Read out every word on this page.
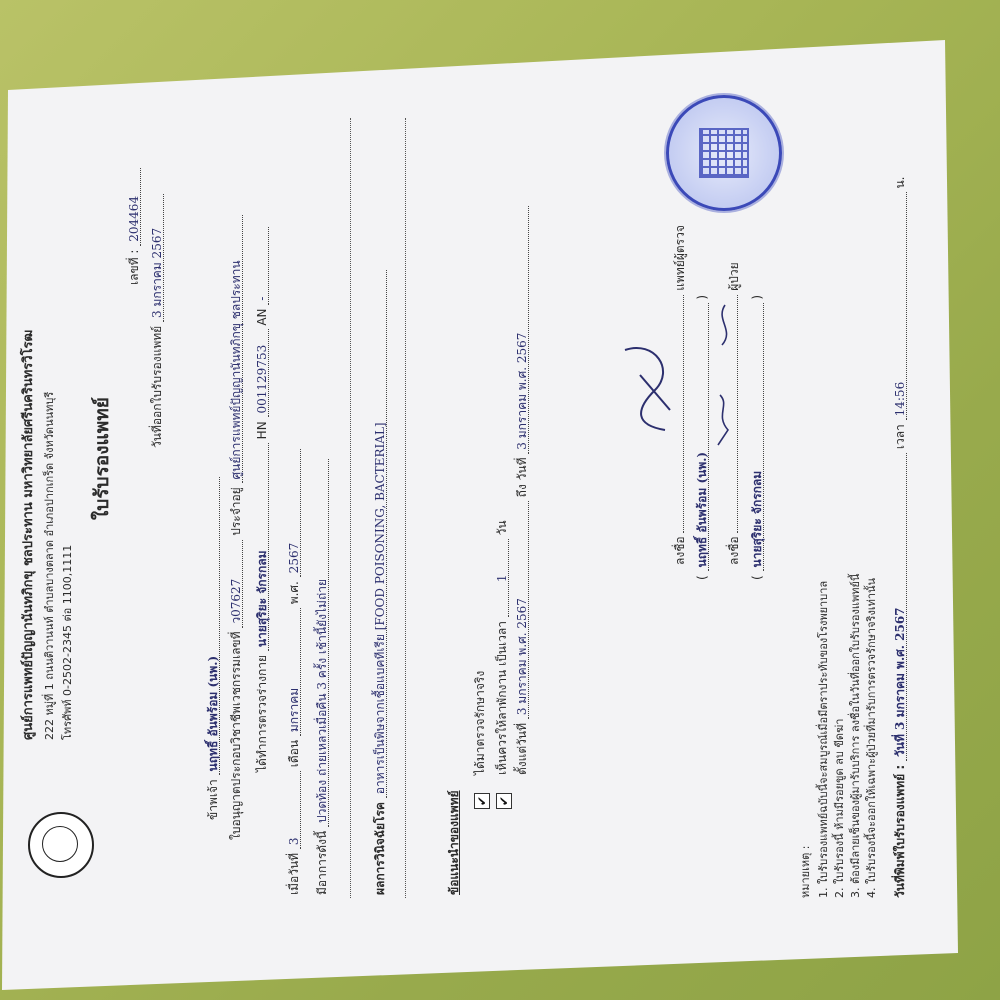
ศูนย์การแพทย์ปัญญานันทภิกขุ ชลประทาน มหาวิทยาลัยศรีนครินทรวิโรฒ 222 หมู่ที่ 1 ถนนติวานนท์ ตำบลบางตลาด อำเภอปากเกร็ด จังหวัดนนทบุรี โทรศัพท์ 0-2502-2345 ต่อ 1100,1111
ใบรับรองแพทย์
เลขที่ : 204464
วันที่ออกใบรับรองแพทย์ 3 มกราคม 2567
ข้าพเจ้า นฤทธิ์ อันพร้อม (นพ.) ใบอนุญาตประกอบวิชาชีพเวชกรรมเลขที่ ว07627 ประจำอยู่ ศูนย์การแพทย์ปัญญานันทภิกขุ ชลประทาน
ได้ทำการตรวจร่างกาย นายสุริยะ จักรกลม HN 001129753 AN -
เมื่อวันที่ 3 เดือน มกราคม พ.ศ. 2567
มีอาการดังนี้ ปวดท้อง ถ่ายเหลวเมื่อคืน 3 ครั้ง เช้านี้ยังไม่ถ่าย
ผลการวินิจฉัยโรค อาหารเป็นพิษจากเชื้อแบคทีเรีย [FOOD POISONING, BACTERIAL]
ข้อแนะนำของแพทย์ ✔
ได้มาตรวจรักษาจริง
✔
เห็นควรให้ลาพักงาน เป็นเวลา 1 วัน
ตั้งแต่วันที่ 3 มกราคม พ.ศ. 2567 ถึง วันที่ 3 มกราคม พ.ศ. 2567
ลงชื่อ  แพทย์ผู้ตรวจ
( นฤทธิ์ อันพร้อม (นพ.) )
ลงชื่อ  ผู้ป่วย
( นายสุริยะ จักรกลม )
หมายเหตุ : 1. ใบรับรองแพทย์ฉบับนี้จะสมบูรณ์เมื่อมีตราประทับของโรงพยาบาล 2. ใบรับรองนี้ ห้ามมีรอยขูด ลบ ขีดฆ่า 3. ต้องมีลายเซ็นของผู้มารับบริการ ลงชื่อในวันที่ออกใบรับรองแพทย์นี้ 4. ใบรับรองนี้จะออกให้เฉพาะผู้ป่วยที่มารับการตรวจรักษาจริงเท่านั้น วันที่พิมพ์ใบรับรองแพทย์ : วันที่ 3 มกราคม พ.ศ. 2567 เวลา 14:56 น.
